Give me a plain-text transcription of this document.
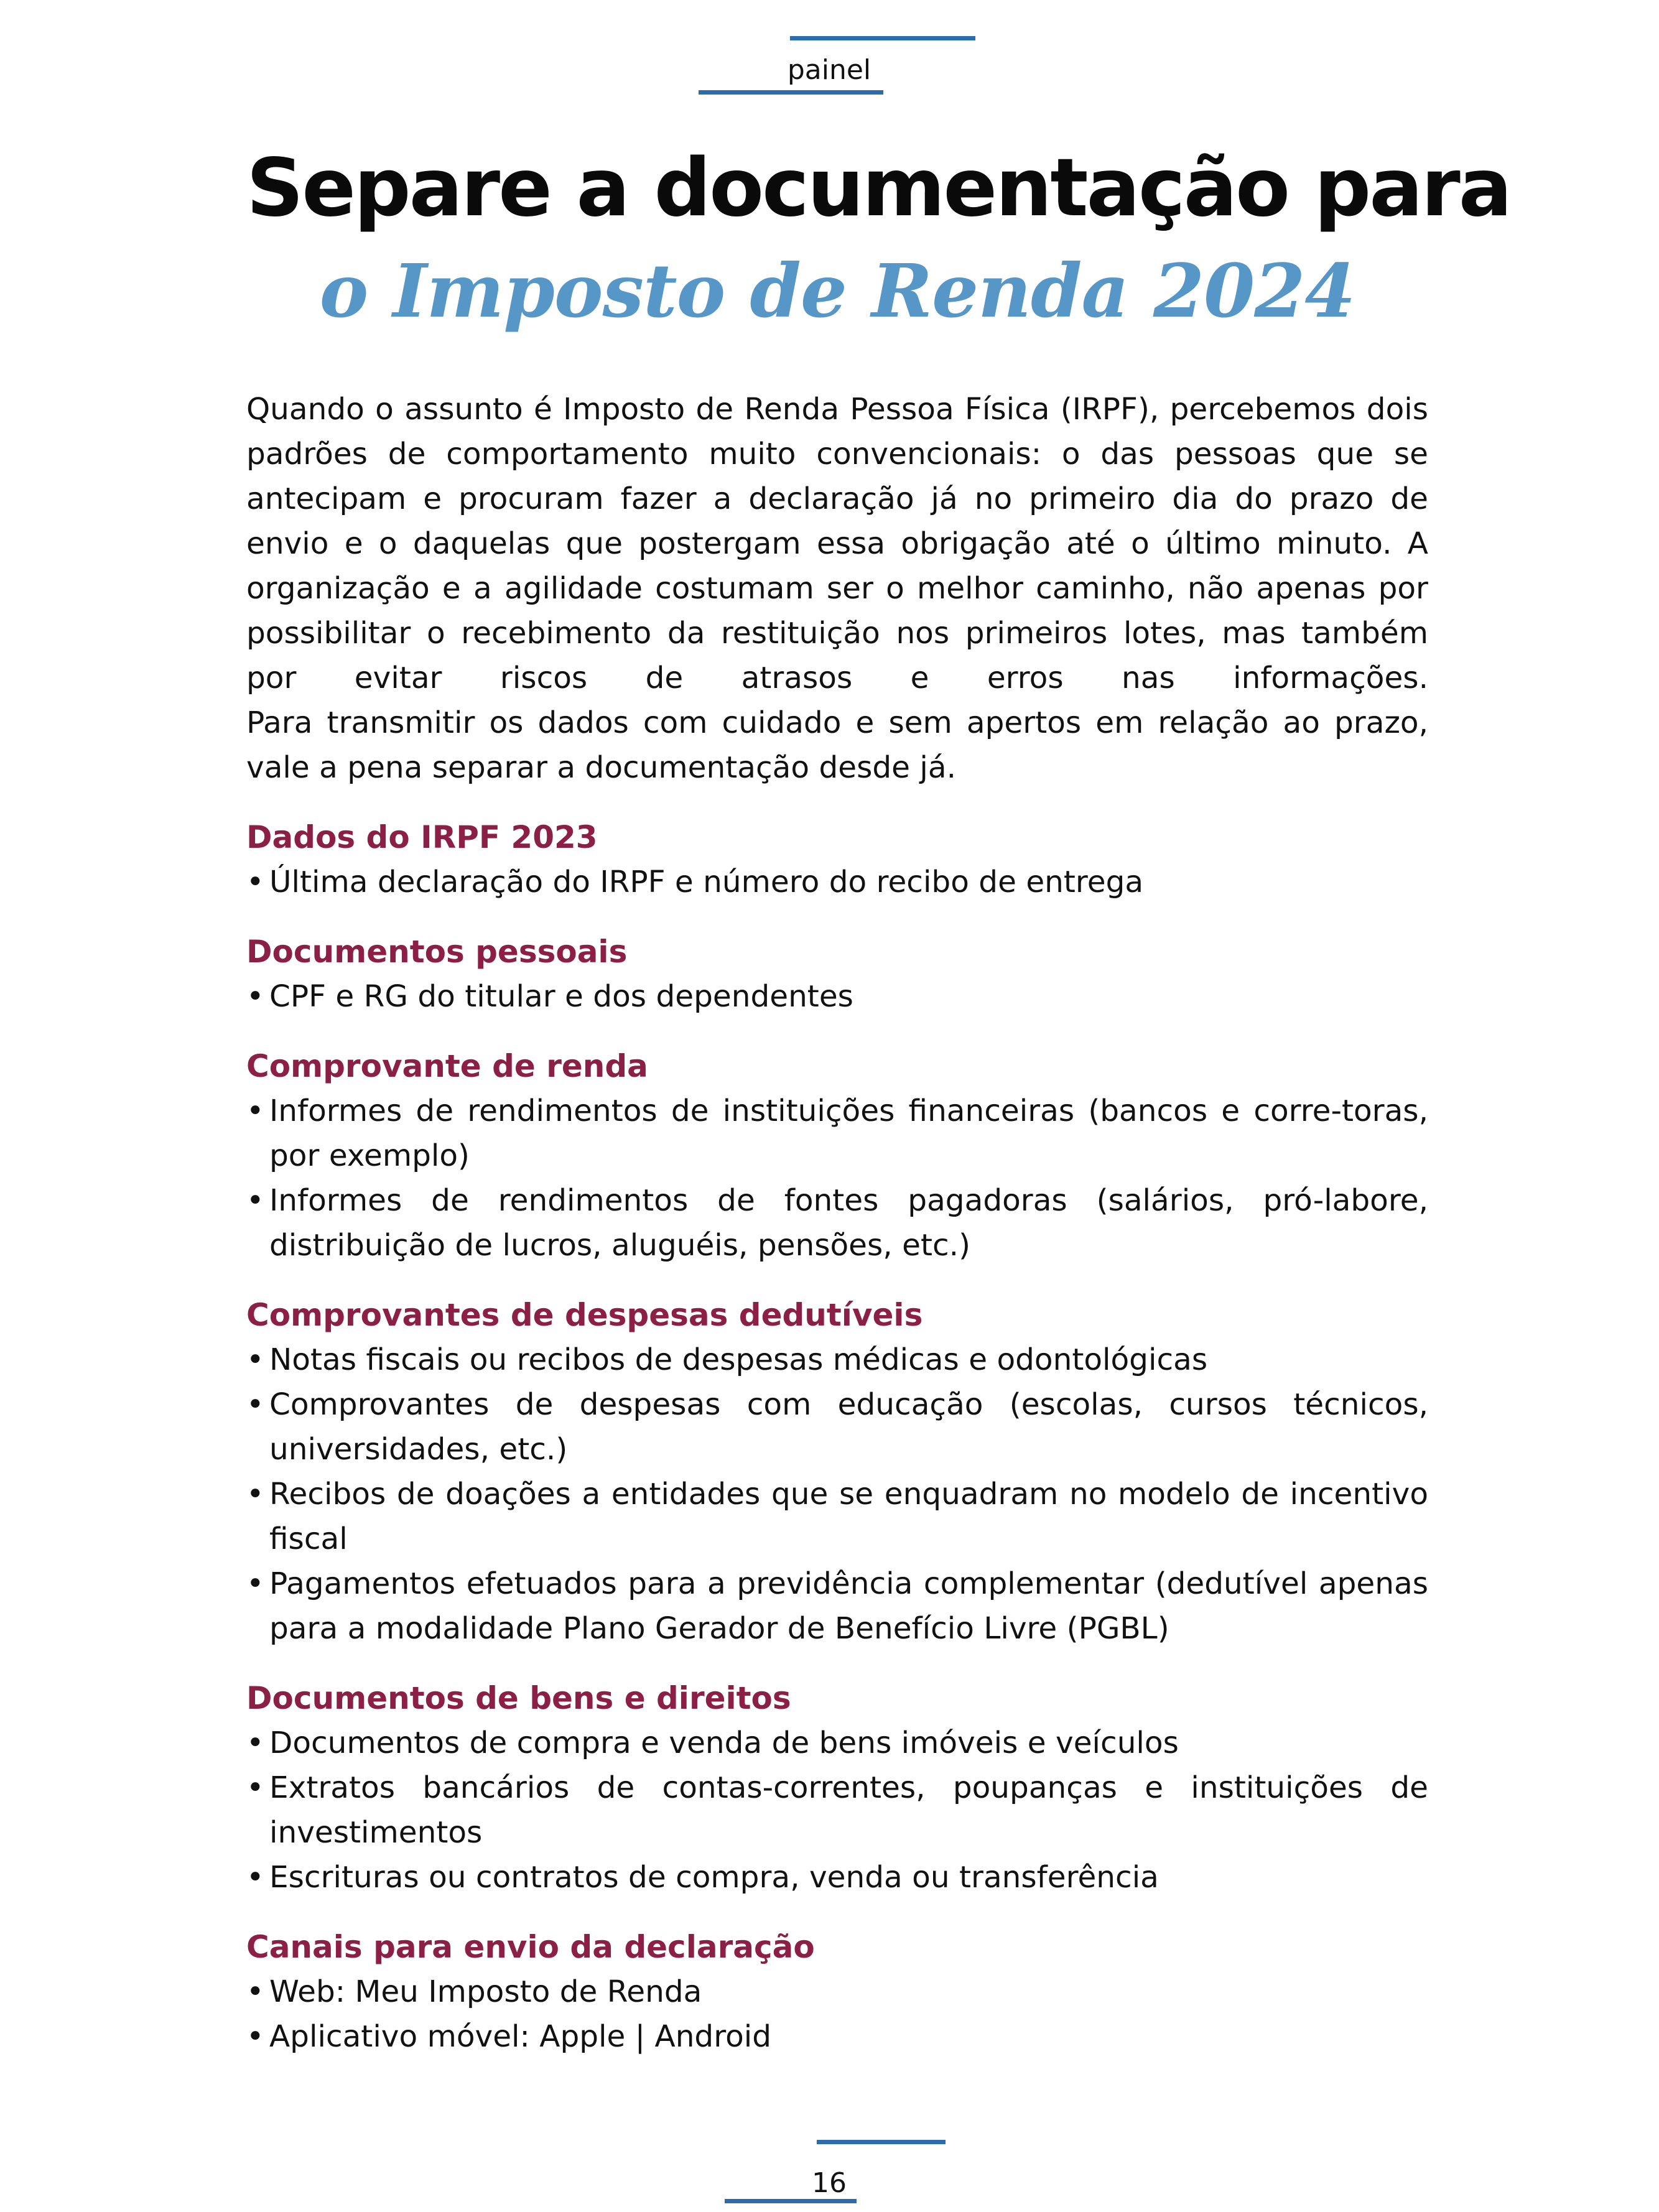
painel
Separe a documentação para
o Imposto de Renda 2024

Quando o assunto é Imposto de Renda Pessoa Física (IRPF), percebemos dois padrões de comportamento muito convencionais: o das pessoas que se antecipam e procuram fazer a declaração já no primeiro dia do prazo de envio e o daquelas que postergam essa obrigação até o último minuto. A organização e a agilidade costumam ser o melhor caminho, não apenas por possibilitar o recebimento da restituição nos primeiros lotes, mas também por evitar riscos de atrasos e erros nas informações.

Para transmitir os dados com cuidado e sem apertos em relação ao prazo, vale a pena separar a documentação desde já.

Dados do IRPF 2023
• Última declaração do IRPF e número do recibo de entrega
Documentos pessoais
• CPF e RG do titular e dos dependentes
Comprovante de renda
• Informes de rendimentos de instituições financeiras (bancos e corre-toras, por exemplo)
• Informes de rendimentos de fontes pagadoras (salários, pró-labore, distribuição de lucros, aluguéis, pensões, etc.)
Comprovantes de despesas dedutíveis
• Notas fiscais ou recibos de despesas médicas e odontológicas
• Comprovantes de despesas com educação (escolas, cursos técnicos, universidades, etc.)
• Recibos de doações a entidades que se enquadram no modelo de incentivo fiscal
• Pagamentos efetuados para a previdência complementar (dedutível apenas para a modalidade Plano Gerador de Benefício Livre (PGBL)
Documentos de bens e direitos
• Documentos de compra e venda de bens imóveis e veículos
• Extratos bancários de contas-correntes, poupanças e instituições de investimentos
• Escrituras ou contratos de compra, venda ou transferência
Canais para envio da declaração
• Web: Meu Imposto de Renda
• Aplicativo móvel: Apple | Android
16
